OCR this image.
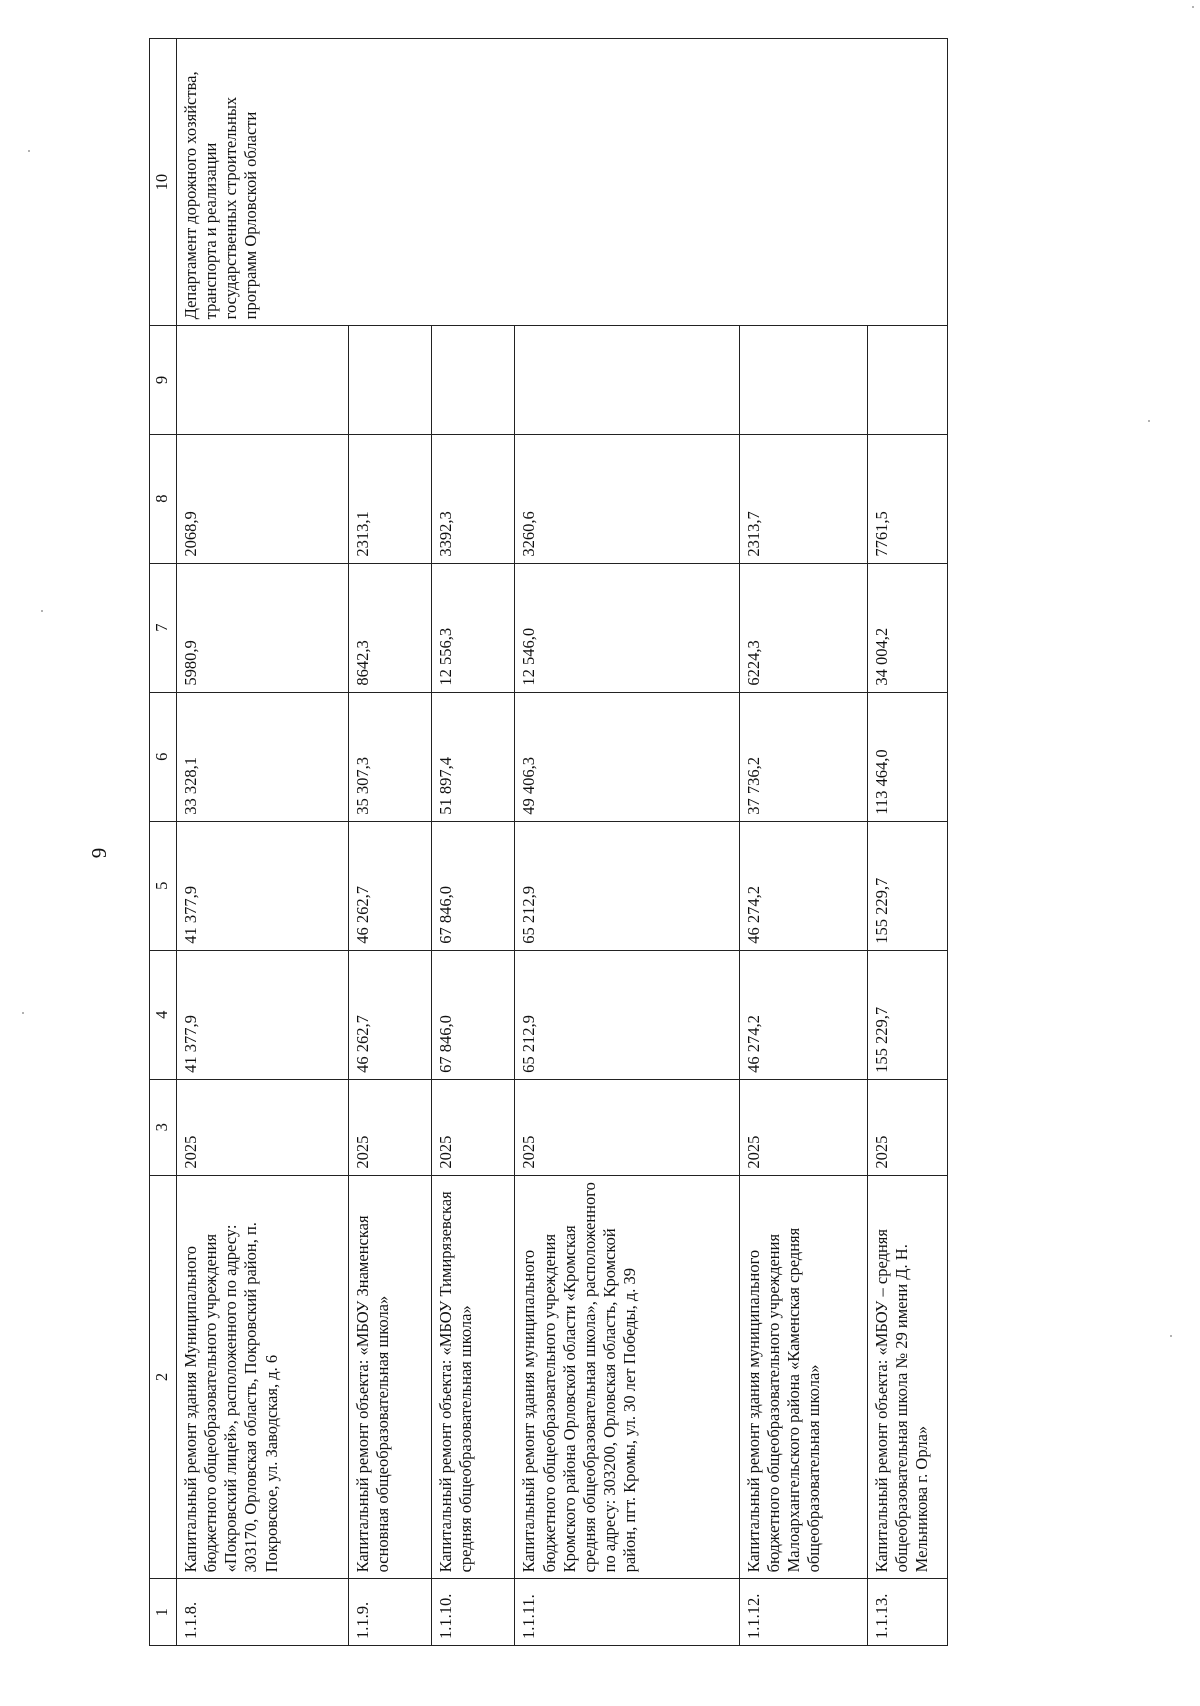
9
1	2	3	4	5	6	7	8	9	10
1.1.8.	Капитальный ремонт здания Муниципального бюджетного общеобразовательного учреждения «Покровский лицей», расположенного по адресу: 303170, Орловская область, Покровский район, п. Покровское, ул. Заводская, д. 6	2025	41 377,9	41 377,9	33 328,1	5980,9	2068,9		Департамент дорожного хозяйства, транспорта и реализации государственных строительных программ Орловской области
1.1.9.	Капитальный ремонт объекта: «МБОУ Знаменская основная общеобразовательная школа»	2025	46 262,7	46 262,7	35 307,3	8642,3	2313,1		
1.1.10.	Капитальный ремонт объекта: «МБОУ Тимирязевская средняя общеобразовательная школа»	2025	67 846,0	67 846,0	51 897,4	12 556,3	3392,3		
1.1.11.	Капитальный ремонт здания муниципального бюджетного общеобразовательного учреждения Кромского района Орловской области «Кромская средняя общеобразовательная школа», расположенного по адресу: 303200, Орловская область, Кромской район, пгт. Кромы, ул. 30 лет Победы, д. 39	2025	65 212,9	65 212,9	49 406,3	12 546,0	3260,6		
1.1.12.	Капитальный ремонт здания муниципального бюджетного общеобразовательного учреждения Малоархангельского района «Каменская средняя общеобразовательная школа»	2025	46 274,2	46 274,2	37 736,2	6224,3	2313,7		
1.1.13.	Капитальный ремонт объекта: «МБОУ – средняя общеобразовательная школа № 29 имени Д. Н. Мельникова г. Орла»	2025	155 229,7	155 229,7	113 464,0	34 004,2	7761,5		
